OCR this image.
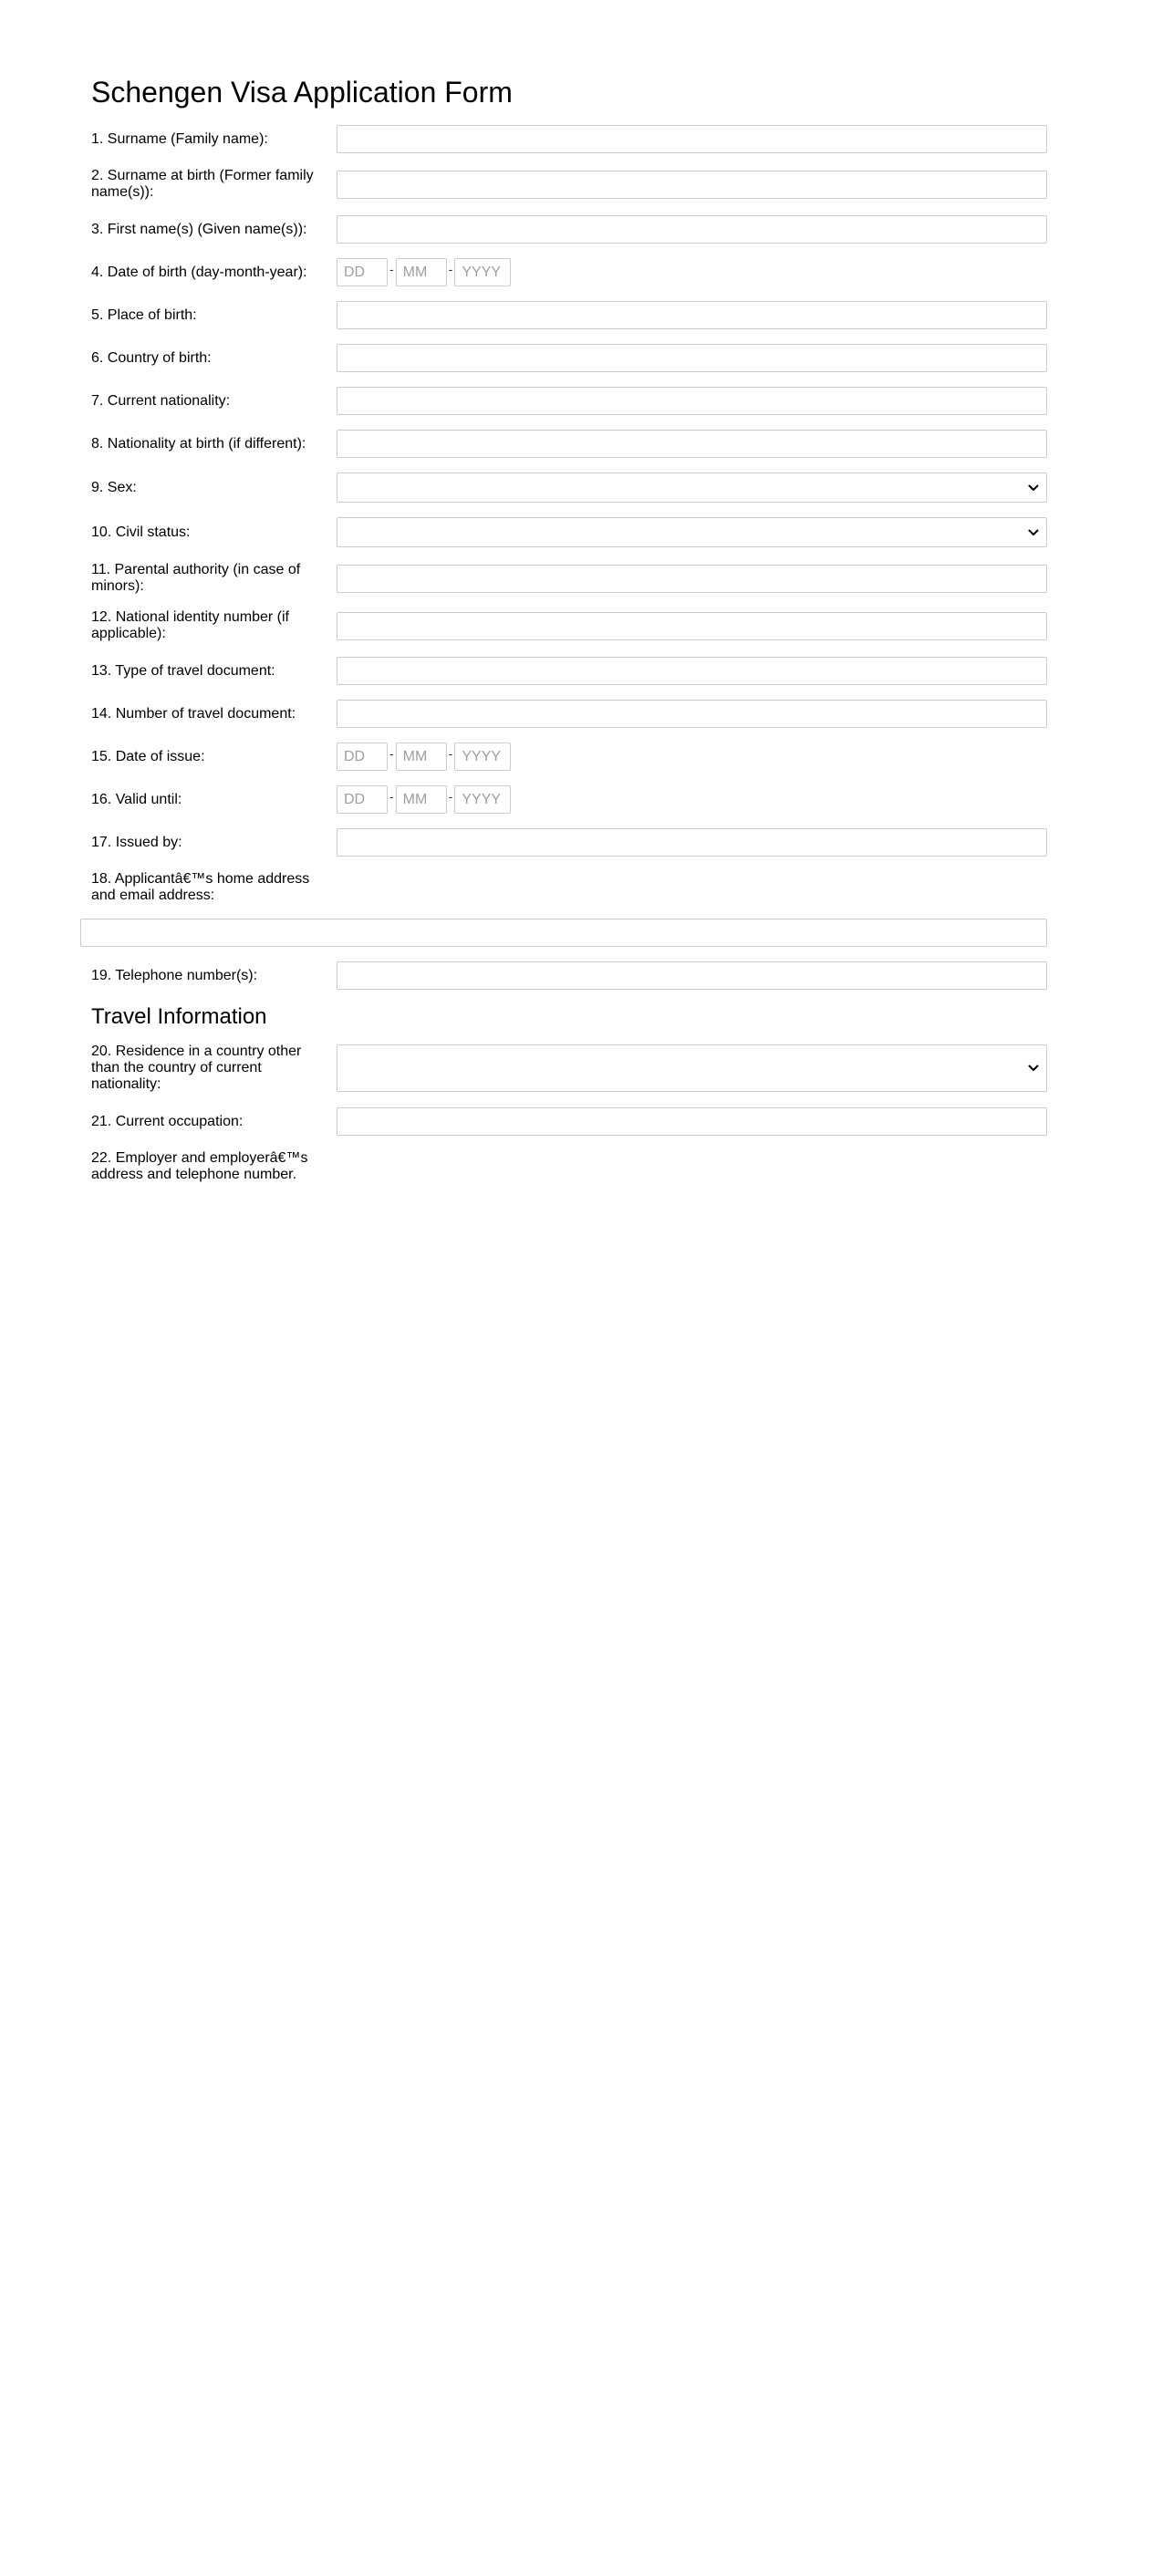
Schengen Visa Application Form
1. Surname (Family name):
2. Surname at birth (Former family name(s)):
3. First name(s) (Given name(s)):
4. Date of birth (day-month-year):
DD	-
MM	-
YYYY
5. Place of birth:
6. Country of birth:
7. Current nationality:
8. Nationality at birth (if different):
9. Sex:
10. Civil status:
11. Parental authority (in case of minors):
12. National identity number (if applicable):
13. Type of travel document:
14. Number of travel document:
15. Date of issue:
DD	-
MM	-
YYYY
16. Valid until:
DD	-
MM	-
YYYY
17. Issued by:
18. Applicantâ€™s home address and email address:
19. Telephone number(s):
Travel Information
20. Residence in a country other than the country of current nationality:
21. Current occupation:
22. Employer and employerâ€™s address and telephone number.
